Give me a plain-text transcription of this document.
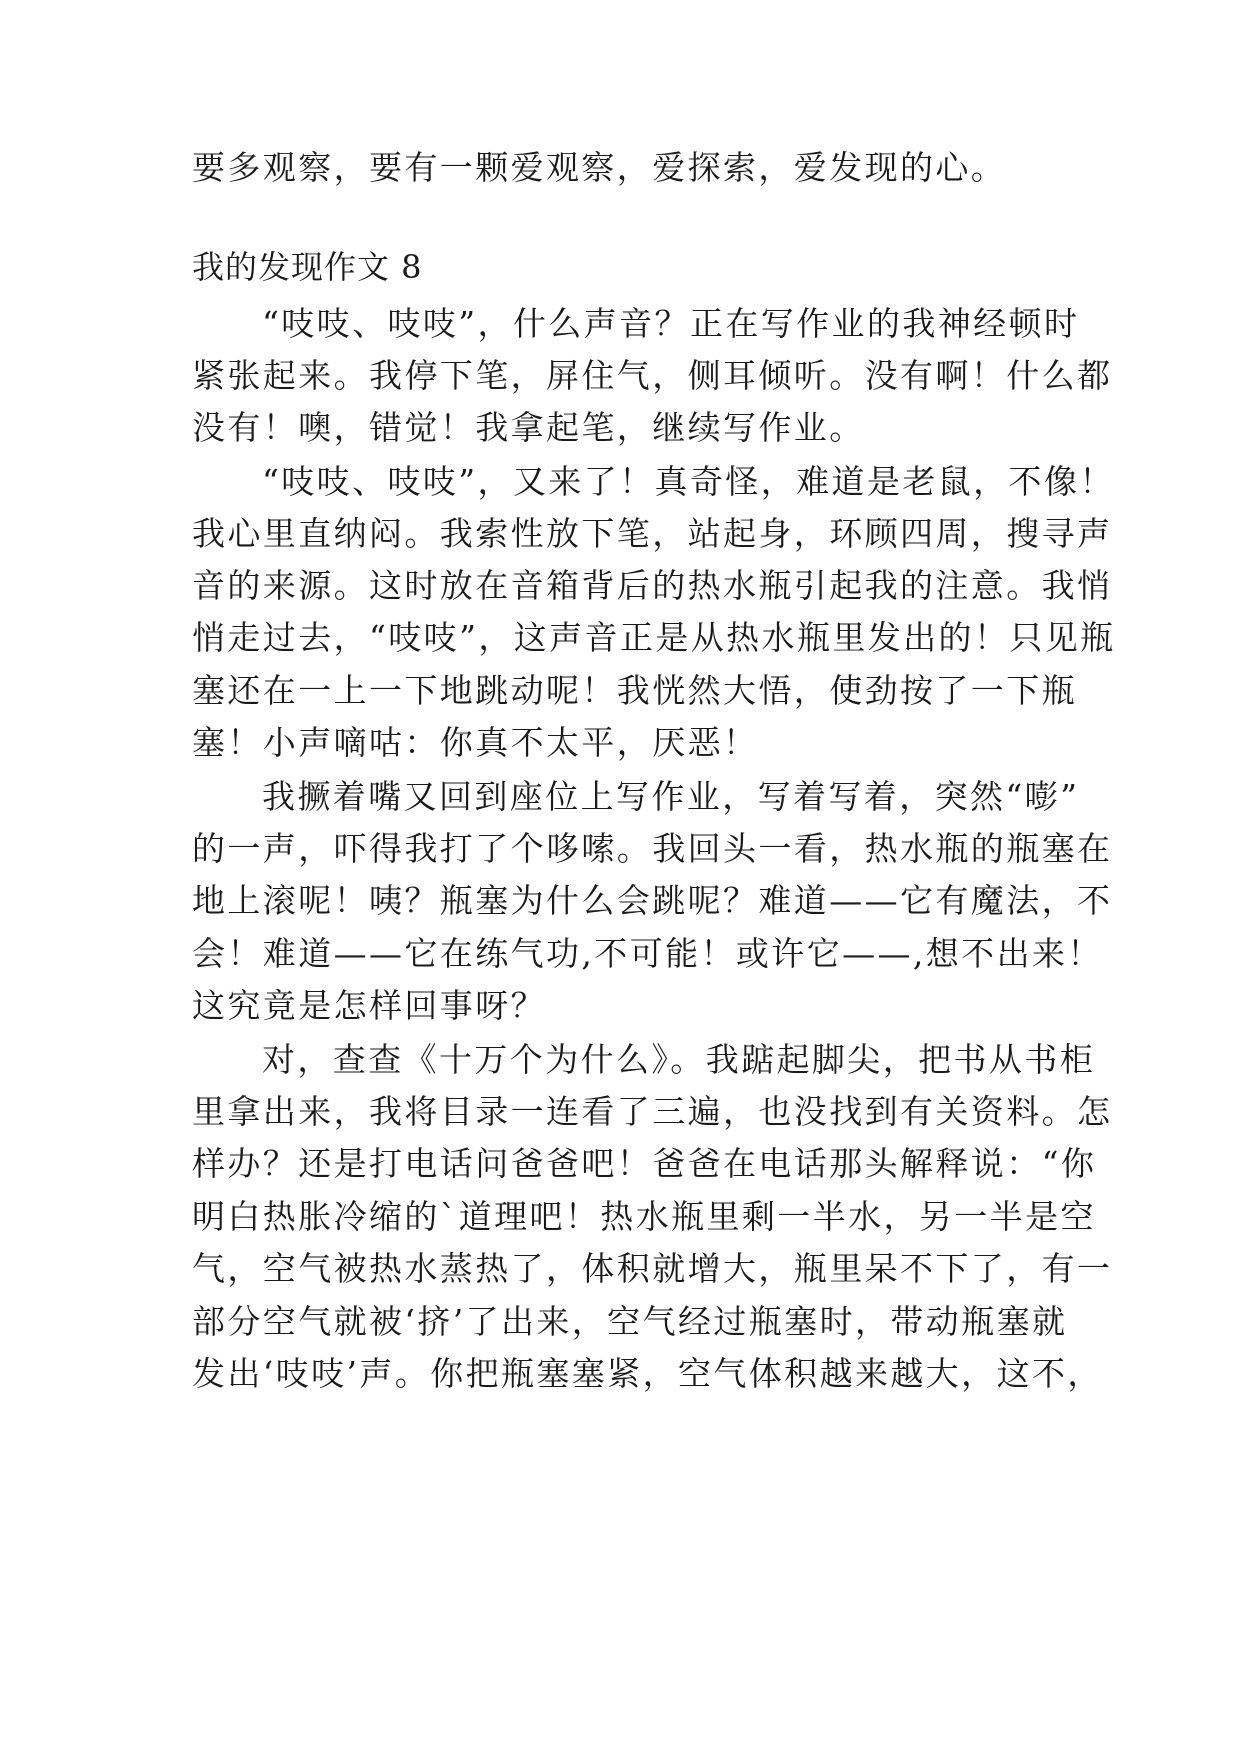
要多观察，要有一颗爱观察，爱探索，爱发现的心。
我的发现作文 8
“吱吱、吱吱”，什么声音？正在写作业的我神经顿时
紧张起来。我停下笔，屏住气，侧耳倾听。没有啊！什么都
没有！噢，错觉！我拿起笔，继续写作业。
“吱吱、吱吱”，又来了！真奇怪，难道是老鼠，不像！
我心里直纳闷。我索性放下笔，站起身，环顾四周，搜寻声
音的来源。这时放在音箱背后的热水瓶引起我的注意。我悄
悄走过去，“吱吱”，这声音正是从热水瓶里发出的！只见瓶
塞还在一上一下地跳动呢！我恍然大悟，使劲按了一下瓶
塞！小声嘀咕：你真不太平，厌恶！
我撅着嘴又回到座位上写作业，写着写着，突然“嘭”
的一声，吓得我打了个哆嗦。我回头一看，热水瓶的瓶塞在
地上滚呢！咦？瓶塞为什么会跳呢？难道——它有魔法，不
会！难道——它在练气功,不可能！或许它——,想不出来！
这究竟是怎样回事呀？
对，查查《十万个为什么》。我踮起脚尖，把书从书柜
里拿出来，我将目录一连看了三遍，也没找到有关资料。怎
样办？还是打电话问爸爸吧！爸爸在电话那头解释说：“你
明白热胀冷缩的`道理吧！热水瓶里剩一半水，另一半是空
气，空气被热水蒸热了，体积就增大，瓶里呆不下了，有一
部分空气就被‘挤’了出来，空气经过瓶塞时，带动瓶塞就
发出‘吱吱’声。你把瓶塞塞紧，空气体积越来越大，这不，
